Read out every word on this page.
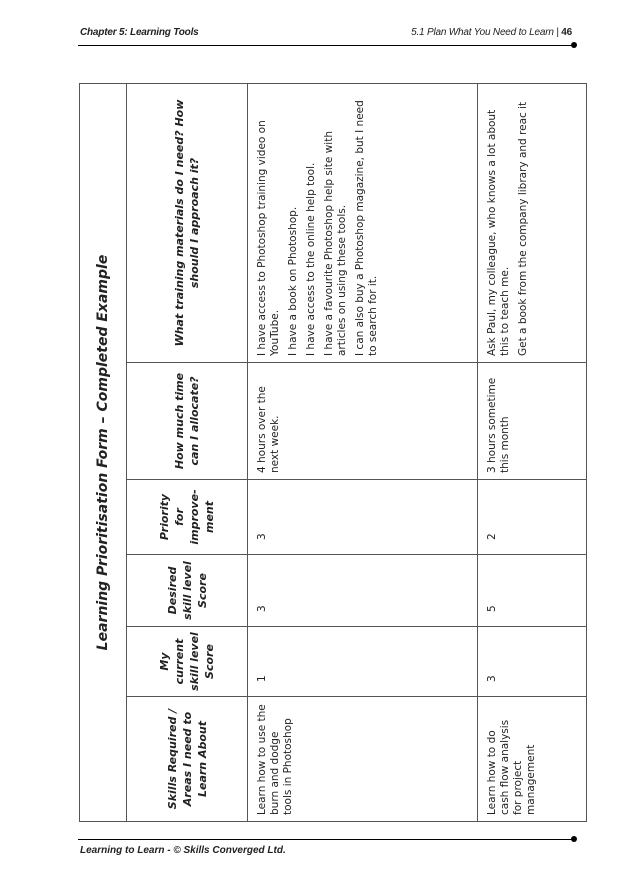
Chapter 5: Learning Tools	5.1 Plan What You Need to Learn | 46
Learning Prioritisation Form – Completed Example					
Skills Required / Areas I need to Learn About	My current skill level Score	Desired skill level Score	Priority for improve-ment	How much time can I allocate?	What training materials do I need? How should I approach it?
Learn how to use the burn and dodge tools in Photoshop	1	3	3	4 hours over the next week.	I have access to Photoshop training video on YouTube. I have a book on Photoshop. I have access to the online help tool. I have a favourite Photoshop help site with articles on using these tools. I can also buy a Photoshop magazine, but I need to search for it.

Learn how to do cash flow analysis for project management	3	5	2	3 hours sometime this month	Ask Paul, my colleague, who knows a lot about this to teach me. Get a book from the company library and reac it

Learning to Learn - © Skills Converged Ltd.
